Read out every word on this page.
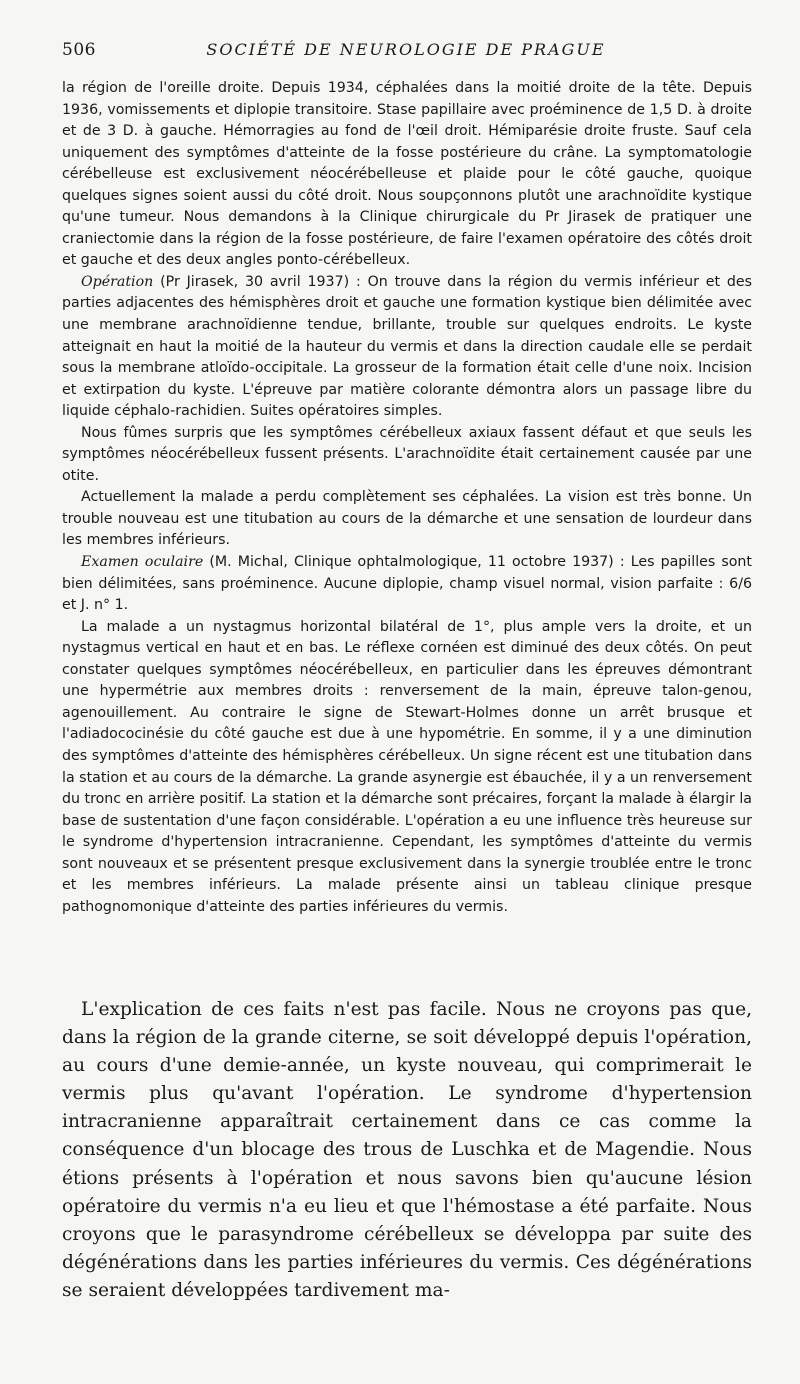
506	SOCIÉTÉ DE NEUROLOGIE DE PRAGUE

la région de l'oreille droite. Depuis 1934, céphalées dans la moitié droite de la tête. Depuis 1936, vomissements et diplopie transitoire. Stase papillaire avec proéminence de 1,5 D. à droite et de 3 D. à gauche. Hémorragies au fond de l'œil droit. Hémiparésie droite fruste. Sauf cela uniquement des symptômes d'atteinte de la fosse postérieure du crâne. La symptomatologie cérébelleuse est exclusivement néocérébelleuse et plaide pour le côté gauche, quoique quelques signes soient aussi du côté droit. Nous soupçonnons plutôt une arachnoïdite kystique qu'une tumeur. Nous demandons à la Clinique chirurgicale du Pr Jirasek de pratiquer une craniectomie dans la région de la fosse postérieure, de faire l'examen opératoire des côtés droit et gauche et des deux angles ponto-cérébelleux.

Opération (Pr Jirasek, 30 avril 1937) : On trouve dans la région du vermis inférieur et des parties adjacentes des hémisphères droit et gauche une formation kystique bien délimitée avec une membrane arachnoïdienne tendue, brillante, trouble sur quelques endroits. Le kyste atteignait en haut la moitié de la hauteur du vermis et dans la direction caudale elle se perdait sous la membrane atloïdo-occipitale. La grosseur de la formation était celle d'une noix. Incision et extirpation du kyste. L'épreuve par matière colorante démontra alors un passage libre du liquide céphalo-rachidien. Suites opératoires simples.

Nous fûmes surpris que les symptômes cérébelleux axiaux fassent défaut et que seuls les symptômes néocérébelleux fussent présents. L'arachnoïdite était certainement causée par une otite.

Actuellement la malade a perdu complètement ses céphalées. La vision est très bonne. Un trouble nouveau est une titubation au cours de la démarche et une sensation de lourdeur dans les membres inférieurs.

Examen oculaire (M. Michal, Clinique ophtalmologique, 11 octobre 1937) : Les papilles sont bien délimitées, sans proéminence. Aucune diplopie, champ visuel normal, vision parfaite : 6/6 et J. n° 1.

La malade a un nystagmus horizontal bilatéral de 1°, plus ample vers la droite, et un nystagmus vertical en haut et en bas. Le réflexe cornéen est diminué des deux côtés. On peut constater quelques symptômes néocérébelleux, en particulier dans les épreuves démontrant une hypermétrie aux membres droits : renversement de la main, épreuve talon-genou, agenouillement. Au contraire le signe de Stewart-Holmes donne un arrêt brusque et l'adiadococinésie du côté gauche est due à une hypométrie. En somme, il y a une diminution des symptômes d'atteinte des hémisphères cérébelleux. Un signe récent est une titubation dans la station et au cours de la démarche. La grande asynergie est ébauchée, il y a un renversement du tronc en arrière positif. La station et la démarche sont précaires, forçant la malade à élargir la base de sustentation d'une façon considérable. L'opération a eu une influence très heureuse sur le syndrome d'hypertension intracranienne. Cependant, les symptômes d'atteinte du vermis sont nouveaux et se présentent presque exclusivement dans la synergie troublée entre le tronc et les membres inférieurs. La malade présente ainsi un tableau clinique presque pathognomonique d'atteinte des parties inférieures du vermis.

L'explication de ces faits n'est pas facile. Nous ne croyons pas que, dans la région de la grande citerne, se soit développé depuis l'opération, au cours d'une demie-année, un kyste nouveau, qui comprimerait le vermis plus qu'avant l'opération. Le syndrome d'hypertension intracranienne apparaîtrait certainement dans ce cas comme la conséquence d'un blocage des trous de Luschka et de Magendie. Nous étions présents à l'opération et nous savons bien qu'aucune lésion opératoire du vermis n'a eu lieu et que l'hémostase a été parfaite. Nous croyons que le parasyndrome cérébelleux se développa par suite des dégénérations dans les parties inférieures du vermis. Ces dégénérations se seraient développées tardivement ma-
